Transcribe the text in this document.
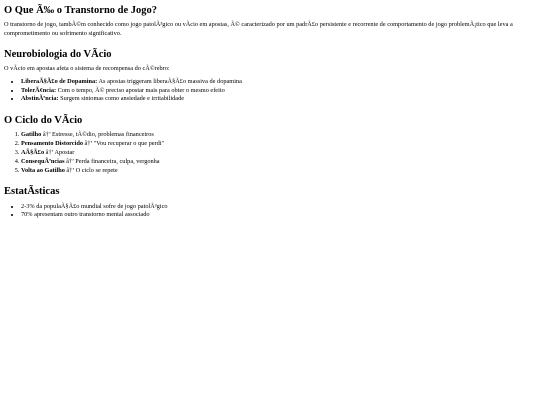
O Que Ã‰ o Transtorno de Jogo?

O transtorno de jogo, tambÃ©m conhecido como jogo patolÃ³gico ou vÃcio em apostas, Ã© caracterizado por um padrÃ£o persistente e recorrente de comportamento de jogo problemÃ¡tico que leva a comprometimento ou sofrimento significativo.

Neurobiologia do VÃcio

O vÃcio em apostas afeta o sistema de recompensa do cÃ©rebro:

• LiberaÃ§Ã£o de Dopamina: As apostas triggeram liberaÃ§Ã£o massiva de dopamina
• TolerÃ¢ncia: Com o tempo, Ã© preciso apostar mais para obter o mesmo efeito
• AbstinÃªncia: Surgem sintomas como ansiedade e irritabilidade
O Ciclo do VÃcio
1. Gatilho â†’ Estresse, tÃ©dio, problemas financeiros
2. Pensamento Distorcido â†’ "Vou recuperar o que perdi"
3. AÃ§Ã£o â†’ Apostar
4. ConsequÃªncias â†’ Perda financeira, culpa, vergonha
5. Volta ao Gatilho â†’ O ciclo se repete
EstatÃsticas
• 2-3% da populaÃ§Ã£o mundial sofre de jogo patolÃ³gico
• 70% apresentam outro transtorno mental associado
